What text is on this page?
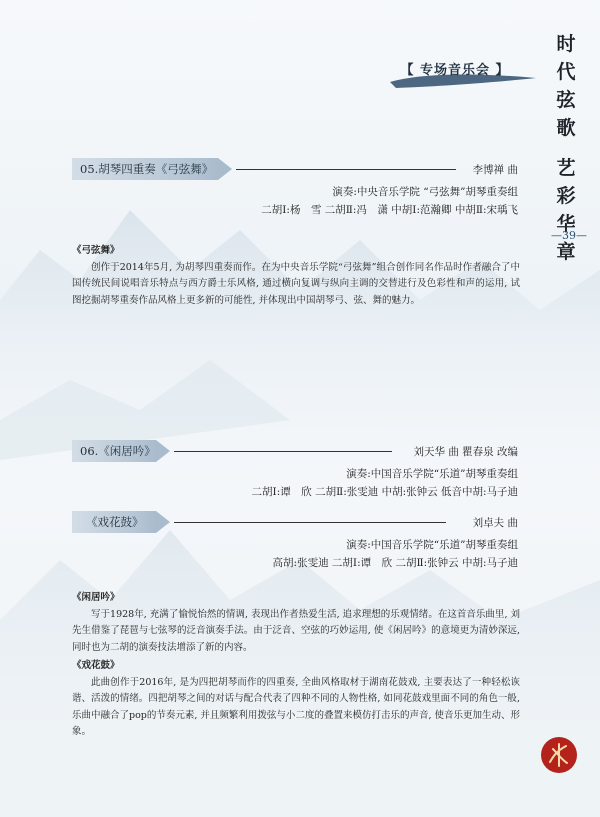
【 专场音乐会 】
时
代
弦
歌
艺
彩
华
章
—39—
05.胡琴四重奏《弓弦舞》	李博禅 曲
演奏:中央音乐学院 “弓弦舞”胡琴重奏组
二胡Ⅰ:杨　雪 二胡Ⅱ:冯　潇 中胡Ⅰ:范瀚卿 中胡Ⅱ:宋瑀飞
《弓弦舞》

创作于2014年5月, 为胡琴四重奏而作。在为中央音乐学院“弓弦舞”组合创作同名作品时作者融合了中国传统民间说唱音乐特点与西方爵士乐风格, 通过横向复调与纵向主调的交替进行及色彩性和声的运用, 试图挖掘胡琴重奏作品风格上更多新的可能性, 并体现出中国胡琴弓、弦、舞的魅力。

06.《闲居吟》	刘天华 曲 瞿春泉 改编
演奏:中国音乐学院“乐道”胡琴重奏组
二胡Ⅰ:谭　欣 二胡Ⅱ:张雯迪 中胡:张钟云 低音中胡:马子迪
《戏花鼓》	刘卓夫 曲
演奏:中国音乐学院“乐道”胡琴重奏组
高胡:张雯迪 二胡Ⅰ:谭　欣 二胡Ⅱ:张钟云 中胡:马子迪
《闲居吟》

写于1928年, 充满了愉悦怡然的情调, 表现出作者热爱生活, 追求理想的乐观情绪。在这首音乐曲里, 刘先生借鉴了琵琶与七弦琴的泛音演奏手法。由于泛音、空弦的巧妙运用, 使《闲居吟》的意境更为清妙深远, 同时也为二胡的演奏技法增添了新的内容。

《戏花鼓》

此曲创作于2016年, 是为四把胡琴而作的四重奏, 全曲风格取材于湖南花鼓戏, 主要表达了一种轻松诙谐、活泼的情绪。四把胡琴之间的对话与配合代表了四种不同的人物性格, 如同花鼓戏里面不同的角色一般, 乐曲中融合了pop的节奏元素, 并且频繁利用拨弦与小二度的叠置来模仿打击乐的声音, 使音乐更加生动、形象。
